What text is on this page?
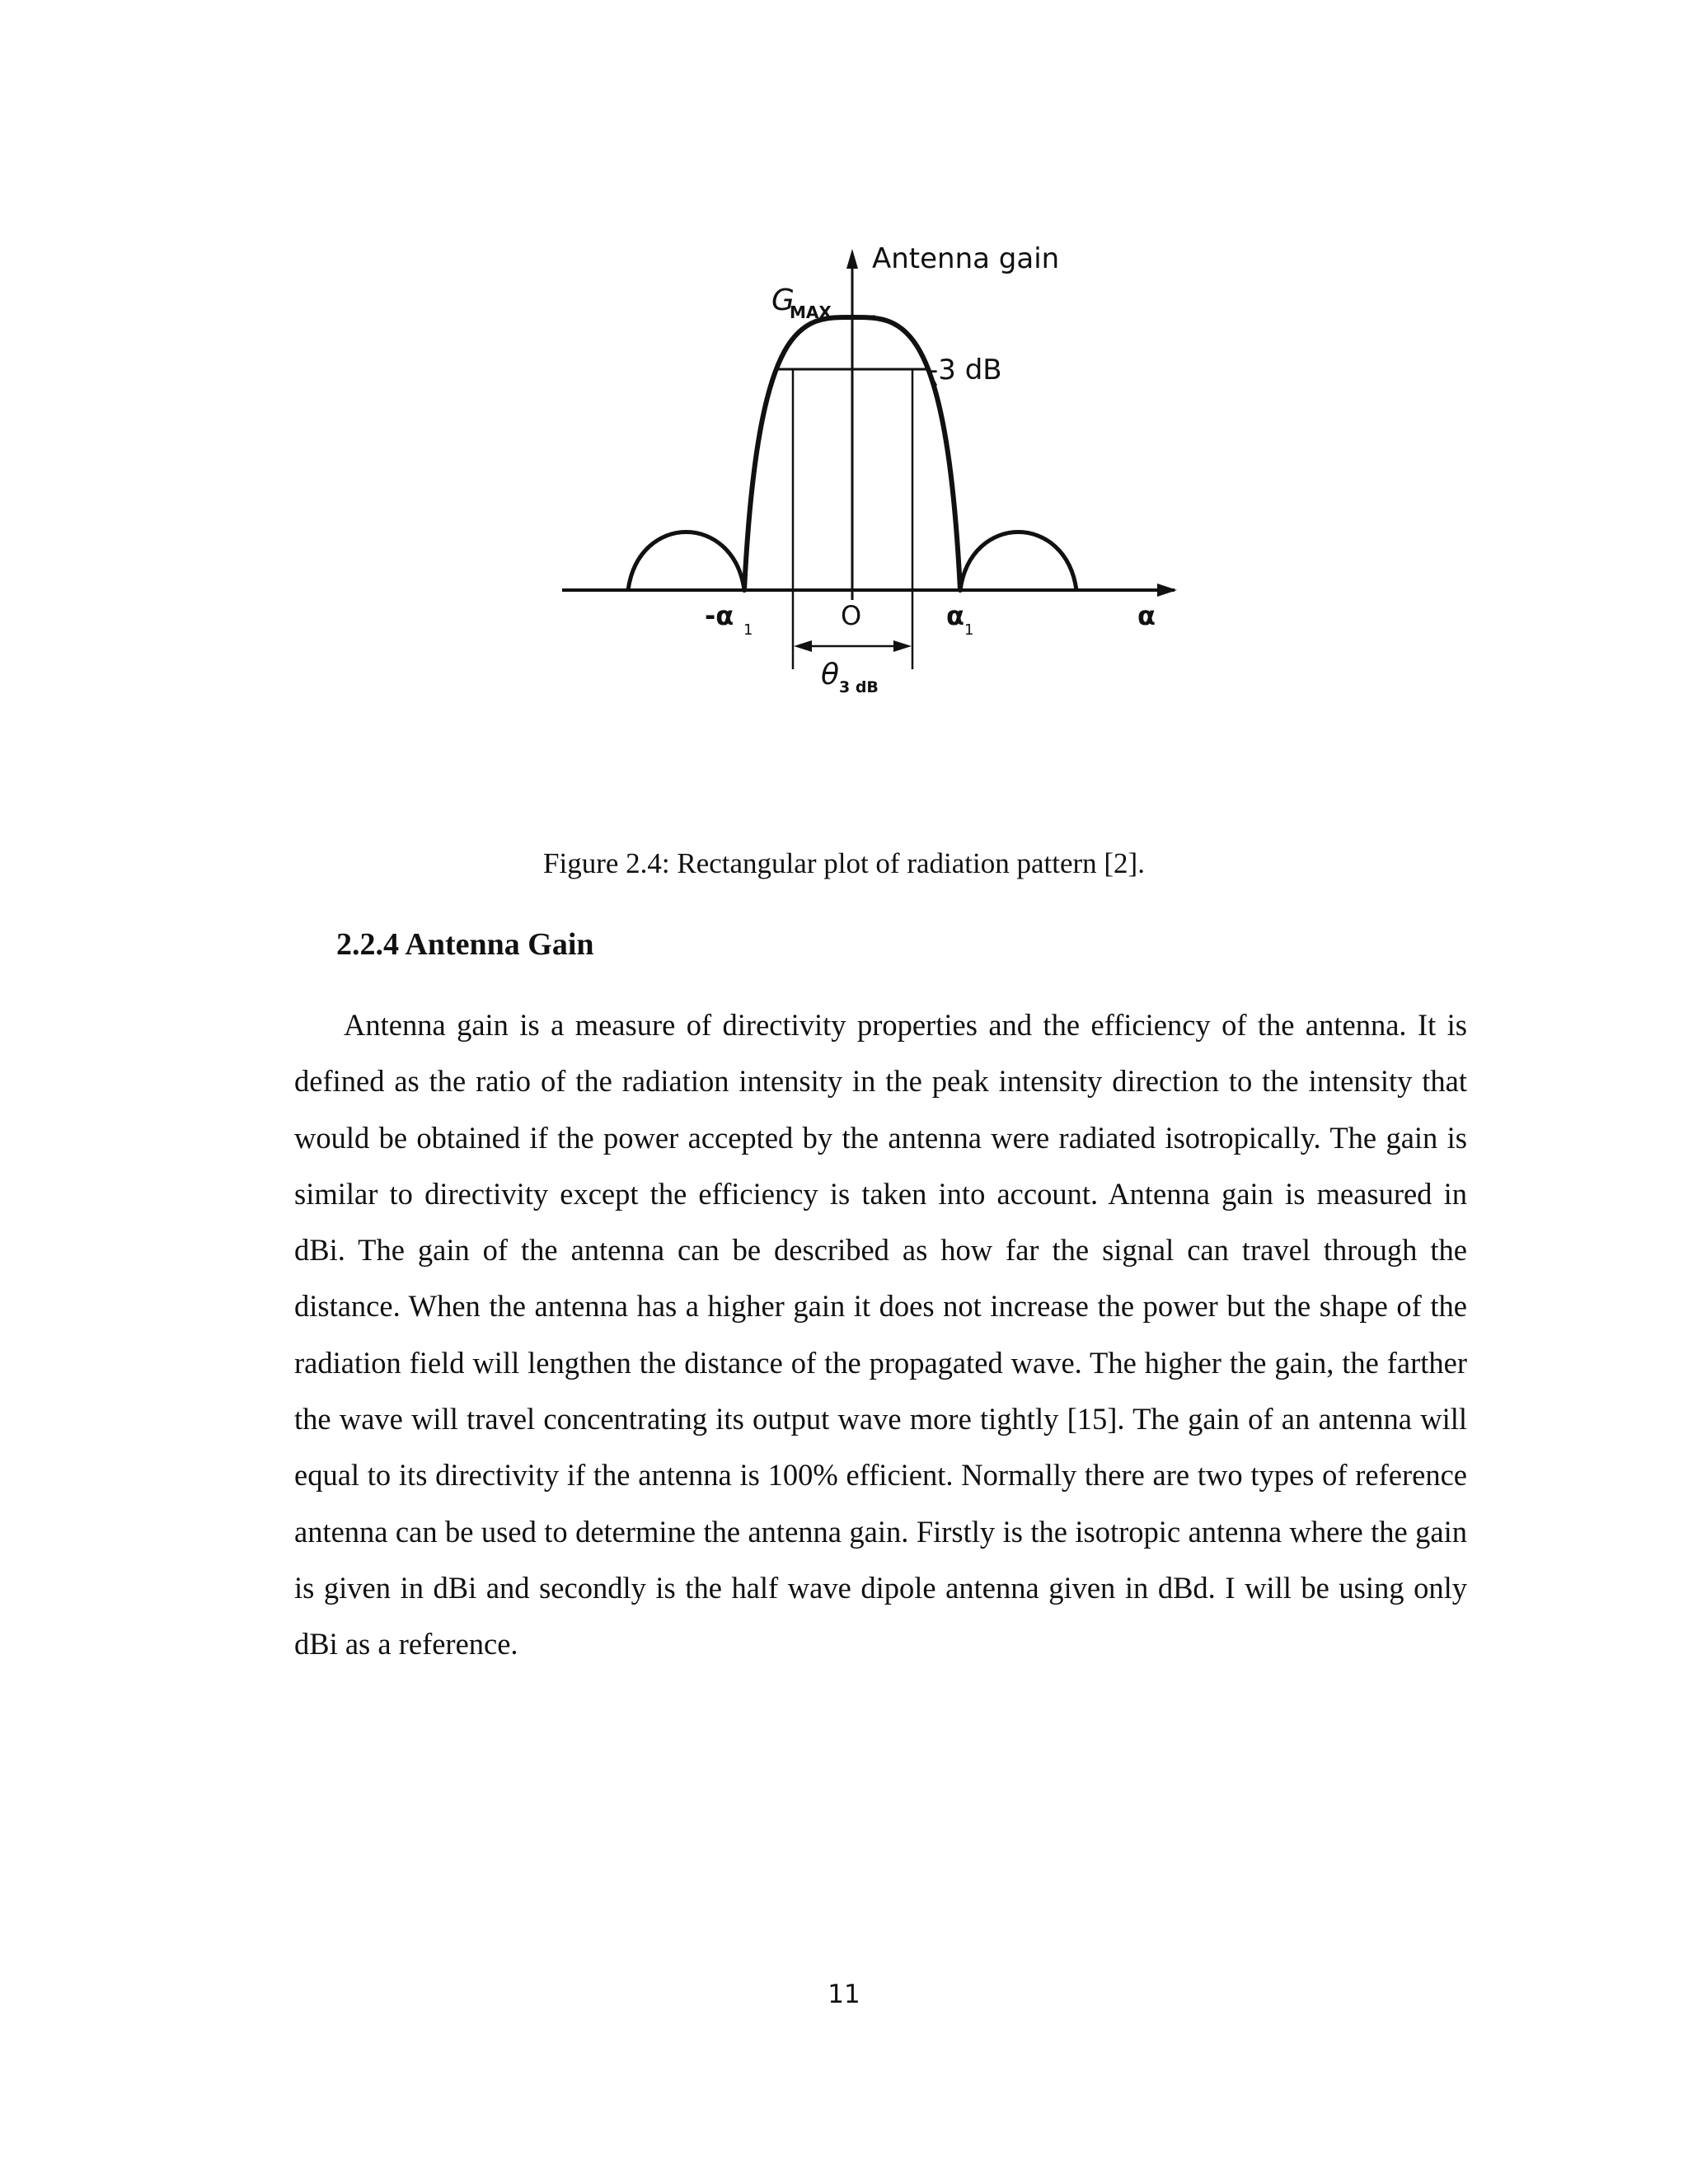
Antenna gain
G
MAX
-3 dB
-α 1	O	α 1	α
θ 3 dB
Figure 2.4: Rectangular plot of radiation pattern [2].
2.2.4 Antenna Gain

Antenna gain is a measure of directivity properties and the efficiency of the antenna. It is defined as the ratio of the radiation intensity in the peak intensity direction to the intensity that would be obtained if the power accepted by the antenna were radiated isotropically. The gain is similar to directivity except the efficiency is taken into account. Antenna gain is measured in dBi. The gain of the antenna can be described as how far the signal can travel through the distance. When the antenna has a higher gain it does not increase the power but the shape of the radiation field will lengthen the distance of the propagated wave. The higher the gain, the farther the wave will travel concentrating its output wave more tightly [15]. The gain of an antenna will equal to its directivity if the antenna is 100% efficient. Normally there are two types of reference antenna can be used to determine the antenna gain. Firstly is the isotropic antenna where the gain is given in dBi and secondly is the half wave dipole antenna given in dBd. I will be using only dBi as a reference.

11
